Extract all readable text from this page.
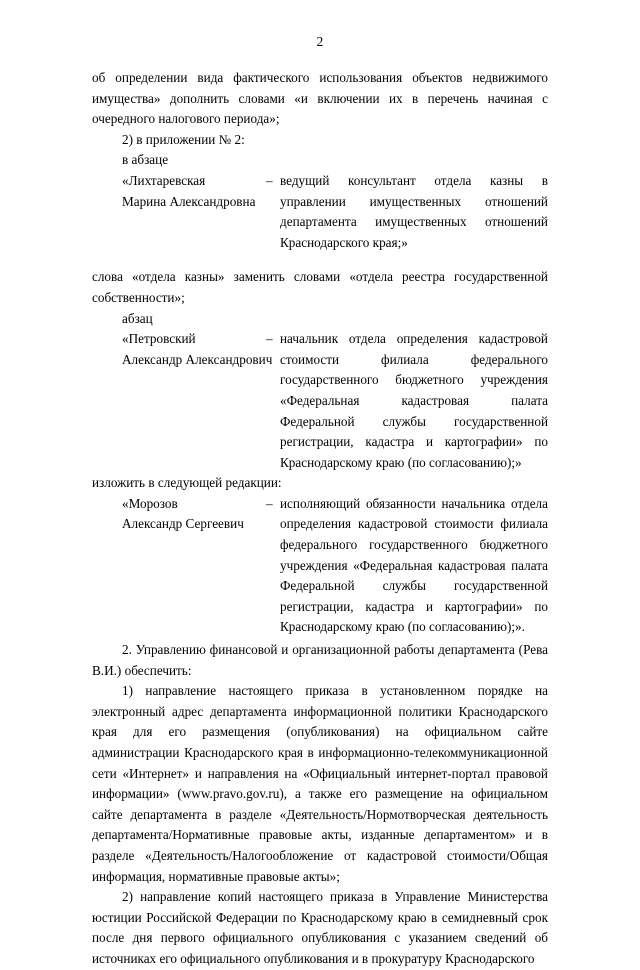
2

об определении вида фактического использования объектов недвижимого имущества» дополнить словами «и включении их в перечень начиная с очередного налогового периода»;

2) в приложении № 2:

в абзаце

«Лихтаревская
Марина Александровна
– ведущий консультант отдела казны в управлении имущественных отношений департамента имущественных отношений Краснодарского края;»

слова «отдела казны» заменить словами «отдела реестра государственной собственности»;

абзац

«Петровский
Александр Александрович
– начальник отдела определения кадастровой стоимости филиала федерального государственного бюджетного учреждения «Федеральная кадастровая палата Федеральной службы государственной регистрации, кадастра и картографии» по Краснодарскому краю (по согласованию);»

изложить в следующей редакции:

«Морозов
Александр Сергеевич
– исполняющий обязанности начальника отдела определения кадастровой стоимости филиала федерального государственного бюджетного учреждения «Федеральная кадастровая палата Федеральной службы государственной регистрации, кадастра и картографии» по Краснодарскому краю (по согласованию);».

2. Управлению финансовой и организационной работы департамента (Рева В.И.) обеспечить:

1) направление настоящего приказа в установленном порядке на электронный адрес департамента информационной политики Краснодарского края для его размещения (опубликования) на официальном сайте администрации Краснодарского края в информационно-телекоммуникационной сети «Интернет» и направления на «Официальный интернет-портал правовой информации» (www.pravo.gov.ru), а также его размещение на официальном сайте департамента в разделе «Деятельность/Нормотворческая деятельность департамента/Нормативные правовые акты, изданные департаментом» и в разделе «Деятельность/Налогообложение от кадастровой стоимости/Общая информация, нормативные правовые акты»;

2) направление копий настоящего приказа в Управление Министерства юстиции Российской Федерации по Краснодарскому краю в семидневный срок после дня первого официального опубликования с указанием сведений об источниках его официального опубликования и в прокуратуру Краснодарского
